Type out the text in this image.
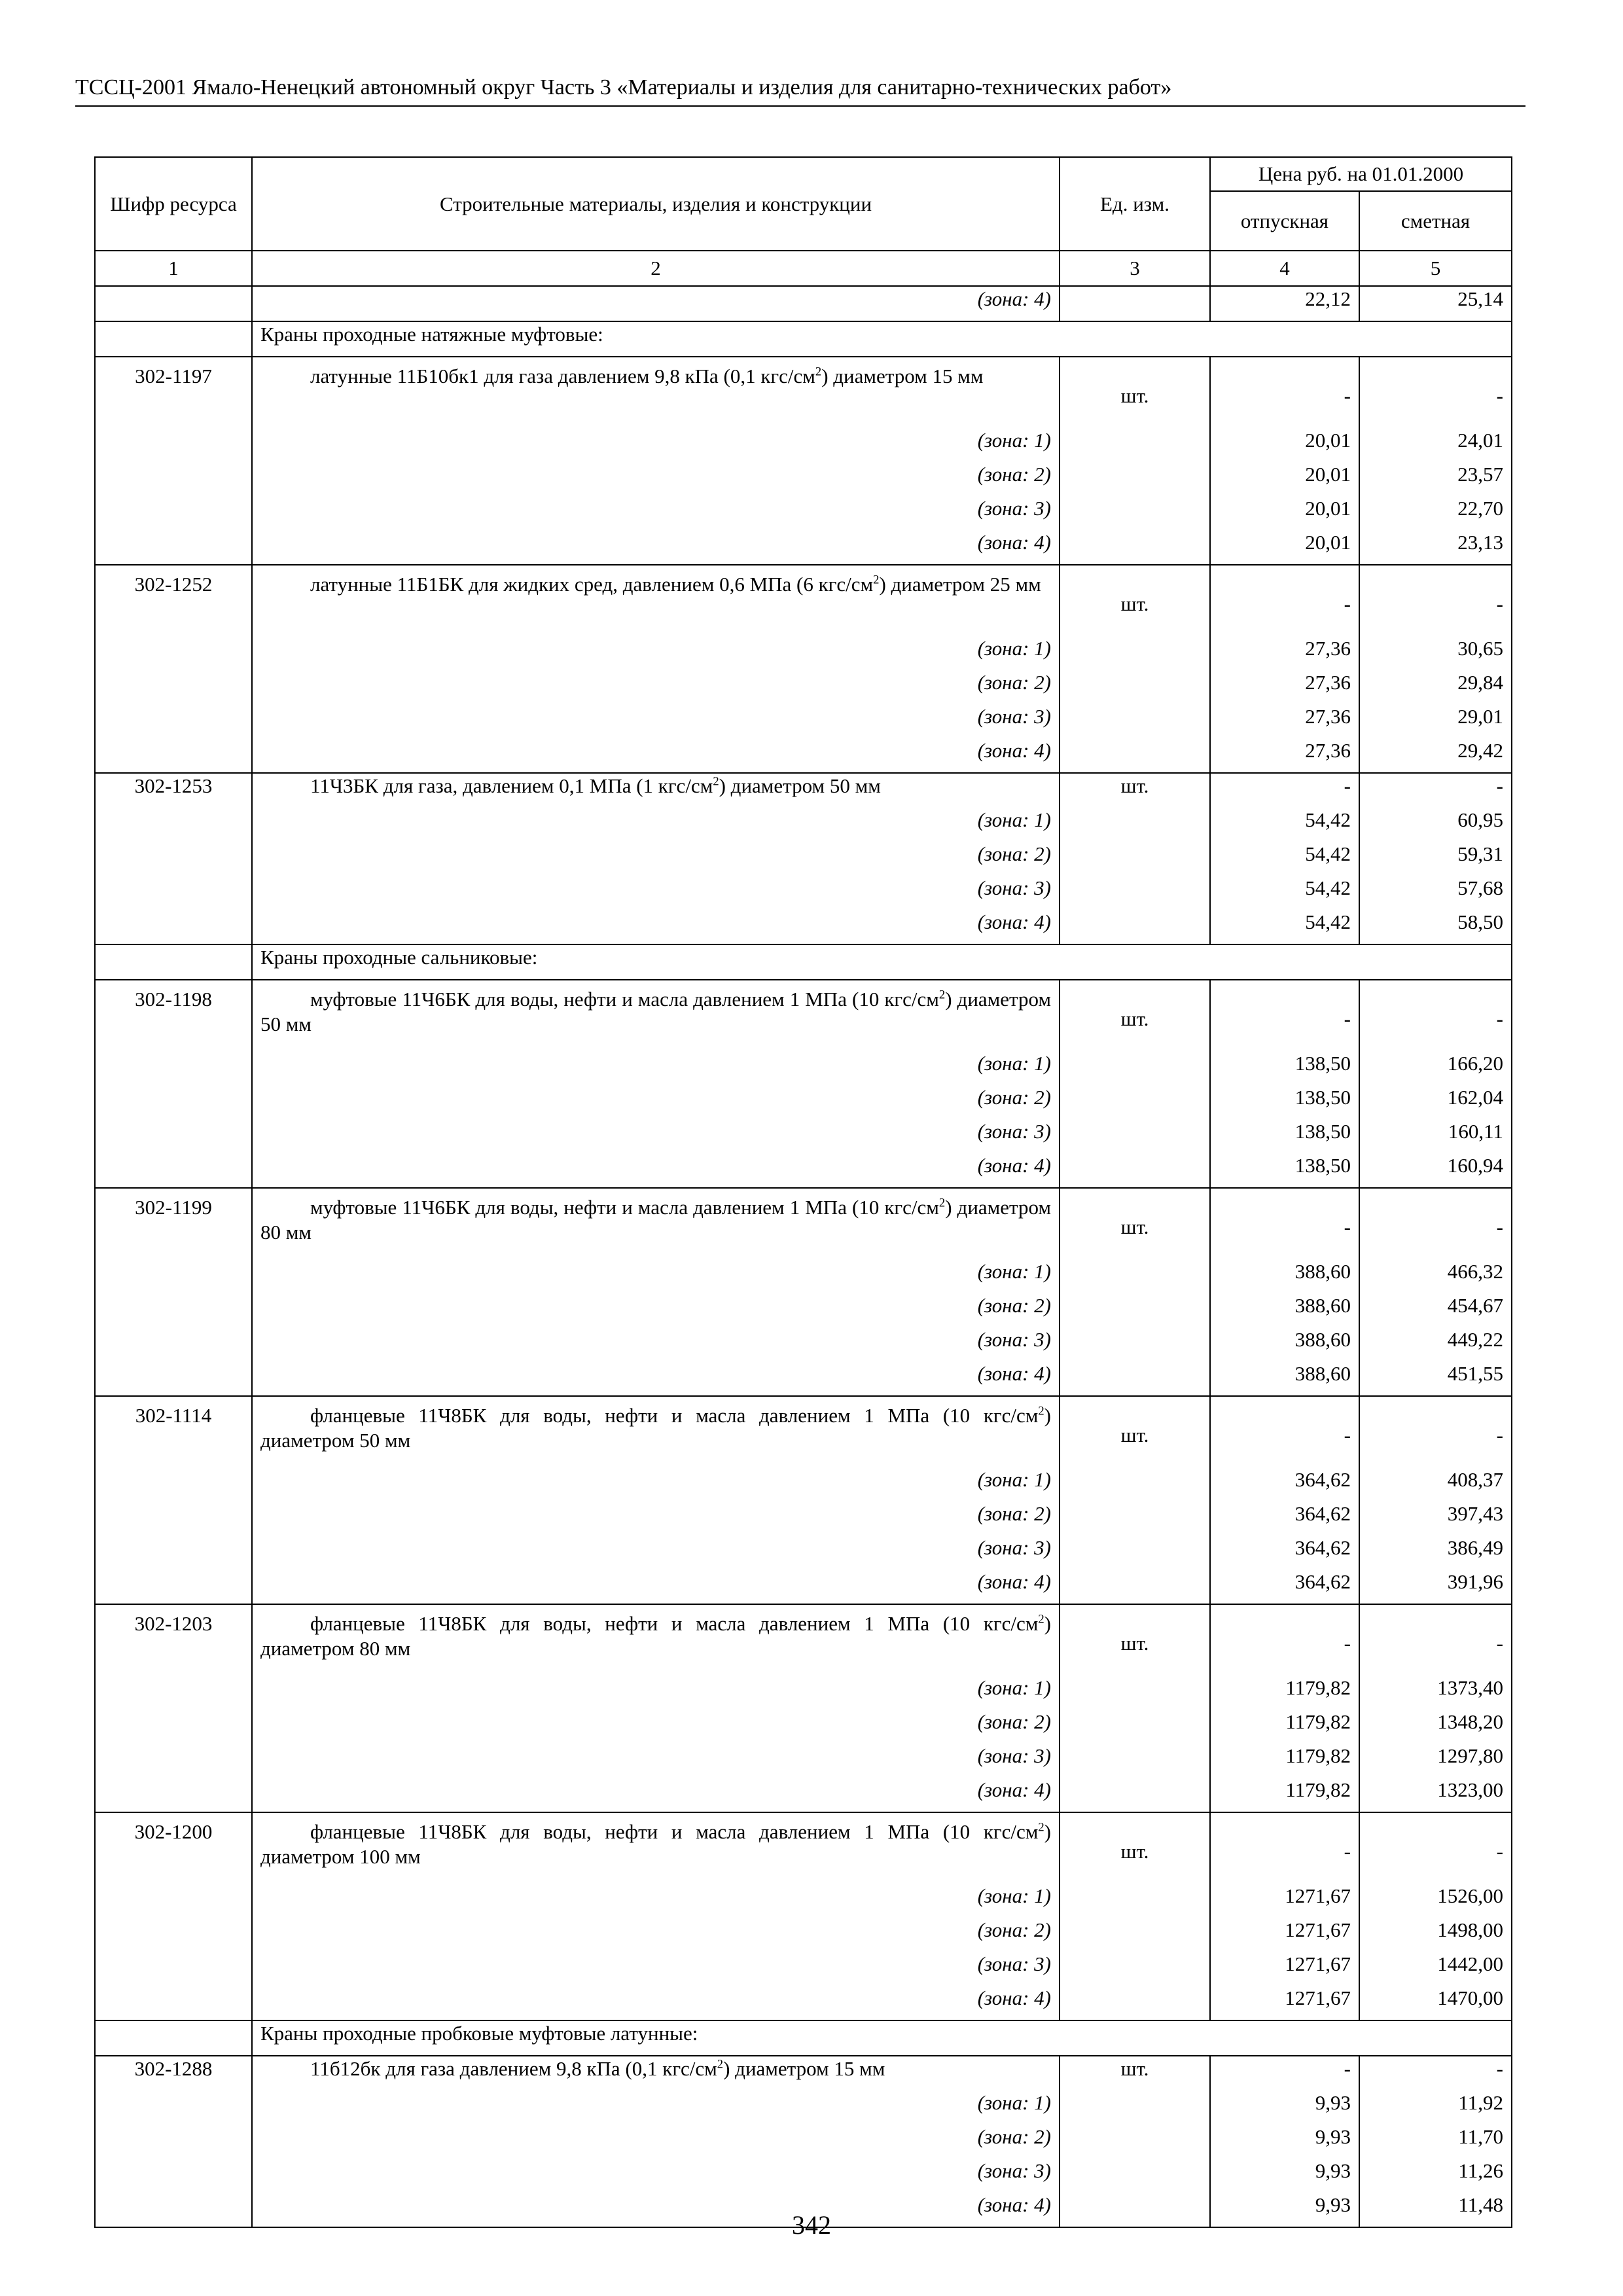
ТССЦ-2001 Ямало-Ненецкий автономный округ Часть 3 «Материалы и изделия для санитарно-технических работ»
Шифр ресурса	Строительные материалы, изделия и конструкции	Ед. изм.	Цена руб. на 01.01.2000	
			отпускная	сметная
1	2	3	4	5
	(зона: 4)		22,12	25,14
	Краны проходные натяжные муфтовые:			
302-1197	латунные 11Б10бк1 для газа давлением 9,8 кПа (0,1 кгс/$см^2$) диаметром 15 мм	шт.	-	-
	(зона: 1)		20,01	24,01
	(зона: 2)		20,01	23,57
	(зона: 3)		20,01	22,70
	(зона: 4)		20,01	23,13
302-1252	латунные 11Б1БК для жидких сред, давлением 0,6 МПа (6 кгс/$см^2$) диаметром 25 мм	шт.	-	-
	(зона: 1)		27,36	30,65
	(зона: 2)		27,36	29,84
	(зона: 3)		27,36	29,01
	(зона: 4)		27,36	29,42
302-1253	11Ч3БК для газа, давлением 0,1 МПа (1 кгс/$см^2$) диаметром 50 мм	шт.	-	-
	(зона: 1)		54,42	60,95
	(зона: 2)		54,42	59,31
	(зона: 3)		54,42	57,68
	(зона: 4)		54,42	58,50
	Краны проходные сальниковые:			
302-1198	муфтовые 11Ч6БК для воды, нефти и масла давлением 1 МПа (10 кгс/$см^2$) диаметром 50 мм	шт.	-	-
	(зона: 1)		138,50	166,20
	(зона: 2)		138,50	162,04
	(зона: 3)		138,50	160,11
	(зона: 4)		138,50	160,94
302-1199	муфтовые 11Ч6БК для воды, нефти и масла давлением 1 МПа (10 кгс/$см^2$) диаметром 80 мм	шт.	-	-
	(зона: 1)		388,60	466,32
	(зона: 2)		388,60	454,67
	(зона: 3)		388,60	449,22
	(зона: 4)		388,60	451,55
302-1114	фланцевые 11Ч8БК для воды, нефти и масла давлением 1 МПа (10 кгс/$см^2$) диаметром 50 мм	шт.	-	-
	(зона: 1)		364,62	408,37
	(зона: 2)		364,62	397,43
	(зона: 3)		364,62	386,49
	(зона: 4)		364,62	391,96
302-1203	фланцевые 11Ч8БК для воды, нефти и масла давлением 1 МПа (10 кгс/$см^2$) диаметром 80 мм	шт.	-	-
	(зона: 1)		1179,82	1373,40
	(зона: 2)		1179,82	1348,20
	(зона: 3)		1179,82	1297,80
	(зона: 4)		1179,82	1323,00
302-1200	фланцевые 11Ч8БК для воды, нефти и масла давлением 1 МПа (10 кгс/$см^2$) диаметром 100 мм	шт.	-	-
	(зона: 1)		1271,67	1526,00
	(зона: 2)		1271,67	1498,00
	(зона: 3)		1271,67	1442,00
	(зона: 4)		1271,67	1470,00
	Краны проходные пробковые муфтовые латунные:			
302-1288	11б12бк для газа давлением 9,8 кПа (0,1 кгс/$см^2$) диаметром 15 мм	шт.	-	-
	(зона: 1)		9,93	11,92
	(зона: 2)		9,93	11,70
	(зона: 3)		9,93	11,26
	(зона: 4)		9,93	11,48
342
